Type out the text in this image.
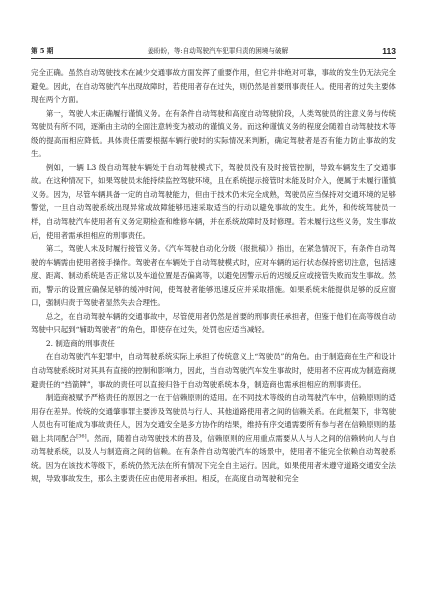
第 5 期	姜盼盼，等:自动驾驶汽车犯罪归责的困境与破解	113

完全正确。虽然自动驾驶技术在减少交通事故方面发挥了重要作用，但它并非绝对可靠，事故的发生仍无法完全避免。因此，在自动驾驶汽车出现故障时，若使用者存在过失，则仍然是首要刑事责任人。使用者的过失主要体现在两个方面。

第一，驾驶人未正确履行谨慎义务。在有条件自动驾驶和高度自动驾驶阶段，人类驾驶员的注意义务与传统驾驶员有所不同，逐渐由主动的全面注意转变为被动的谨慎义务。而这种谨慎义务的程度会随着自动驾驶技术等级的提高而相应降低。具体责任需要根据车辆行驶时的实际情况来判断，确定驾驶者是否有能力防止事故的发生。

例如，一辆 L3 级自动驾驶车辆处于自动驾驶模式下，驾驶员没有及时接管控制，导致车辆发生了交通事故。在这种情况下，如果驾驶员未能持续监控驾驶环境，且在系统提示接管时未能及时介入，便属于未履行谨慎义务。因为，尽管车辆具备一定的自动驾驶能力，但由于技术仍未完全成熟，驾驶员应当保持对交通环境的足够警觉，一旦自动驾驶系统出现异常或故障能够迅速采取适当的行动以避免事故的发生。此外，和传统驾驶员一样，自动驾驶汽车使用者有义务定期检查和维修车辆，并在系统故障时及时修理。若未履行这些义务，发生事故后，使用者需承担相应的刑事责任。

第二，驾驶人未及时履行接管义务。《汽车驾驶自动化分级（报批稿）》指出，在紧急情况下，有条件自动驾驶的车辆需由使用者接手操作。驾驶者在车辆处于自动驾驶模式时，应对车辆的运行状态保持密切注意，包括速度、距离、制动系统是否正常以及车道位置是否偏离等，以避免因警示后的迟缓反应或接管失败而发生事故。然而，警示的设置应确保足够的缓冲时间，使驾驶者能够迅速反应并采取措施。如果系统未能提供足够的反应窗口，强制归责于驾驶者显然失去合理性。

总之，在自动驾驶车辆的交通事故中，尽管使用者仍然是首要的刑事责任承担者，但鉴于他们在高等级自动驾驶中只起到“辅助驾驶者”的角色，即使存在过失，处罚也应适当减轻。

2. 制造商的刑事责任

在自动驾驶汽车犯罪中，自动驾驶系统实际上承担了传统意义上“驾驶员”的角色。由于制造商在生产和设计自动驾驶系统时对其具有直接的控制和影响力，因此，当自动驾驶汽车发生事故时，使用者不应再成为制造商规避责任的“挡箭牌”，事故的责任可以直接归咎于自动驾驶系统本身，制造商也需承担相应的刑事责任。

制造商被赋予严格责任的原因之一在于信赖原则的适用。在不同技术等级的自动驾驶汽车中，信赖原则的适用存在差异。传统的交通肇事罪主要涉及驾驶员与行人、其他道路使用者之间的信赖关系。在此框架下，非驾驶人员也有可能成为事故责任人，因为交通安全是多方协作的结果，维持有序交通需要所有参与者在信赖原则的基础上共同配合[36]。然而，随着自动驾驶技术的普及，信赖原则的应用重点需要从人与人之间的信赖转向人与自动驾驶系统，以及人与制造商之间的信赖。在有条件自动驾驶汽车的场景中，使用者不能完全依赖自动驾驶系统。因为在该技术等级下，系统仍然无法在所有情况下完全自主运行。因此，如果使用者未遵守道路交通安全法规，导致事故发生，那么主要责任应由使用者承担。相反，在高度自动驾驶和完全
